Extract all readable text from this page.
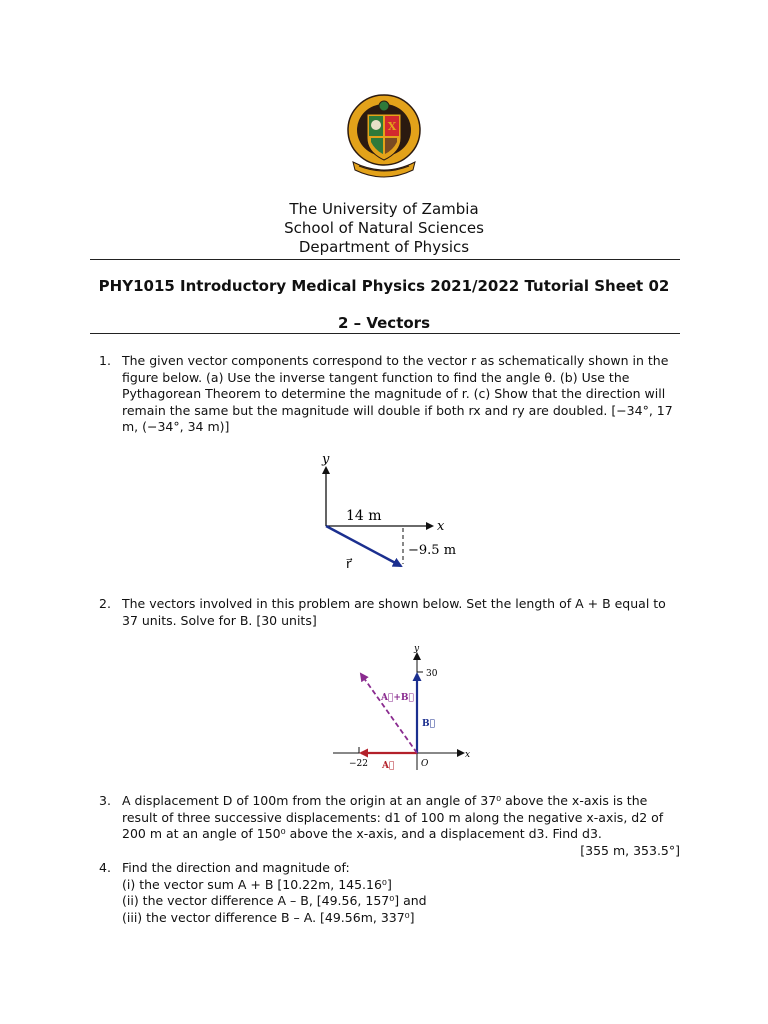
X
The University of Zambia
School of Natural Sciences
Department of Physics
PHY1015 Introductory Medical Physics 2021/2022 Tutorial Sheet 02
2 – Vectors
1. The given vector components correspond to the vector r as schematically shown in the
figure below. (a) Use the inverse tangent function to find the angle θ. (b) Use the
Pythagorean Theorem to determine the magnitude of r. (c) Show that the direction will
remain the same but the magnitude will double if both rx and ry are doubled. [−34°, 17
m, (−34°, 34 m)]
y
x
14 m
−9.5 m
r⃗
2. The vectors involved in this problem are shown below. Set the length of A + B equal to
37 units. Solve for B. [30 units]
y
x
30
−22	O
B⃗
A⃗
A⃗+B⃗
3. A displacement D of 100m from the origin at an angle of 37⁰ above the x-axis is the
result of three successive displacements: d1 of 100 m along the negative x-axis, d2 of
200 m at an angle of 150⁰ above the x-axis, and a displacement d3. Find d3.
[355 m, 353.5°]
4. Find the direction and magnitude of:
(i) the vector sum A + B [10.22m, 145.16⁰]
(ii) the vector difference A – B, [49.56, 157⁰] and
(iii) the vector difference B – A. [49.56m, 337⁰]
